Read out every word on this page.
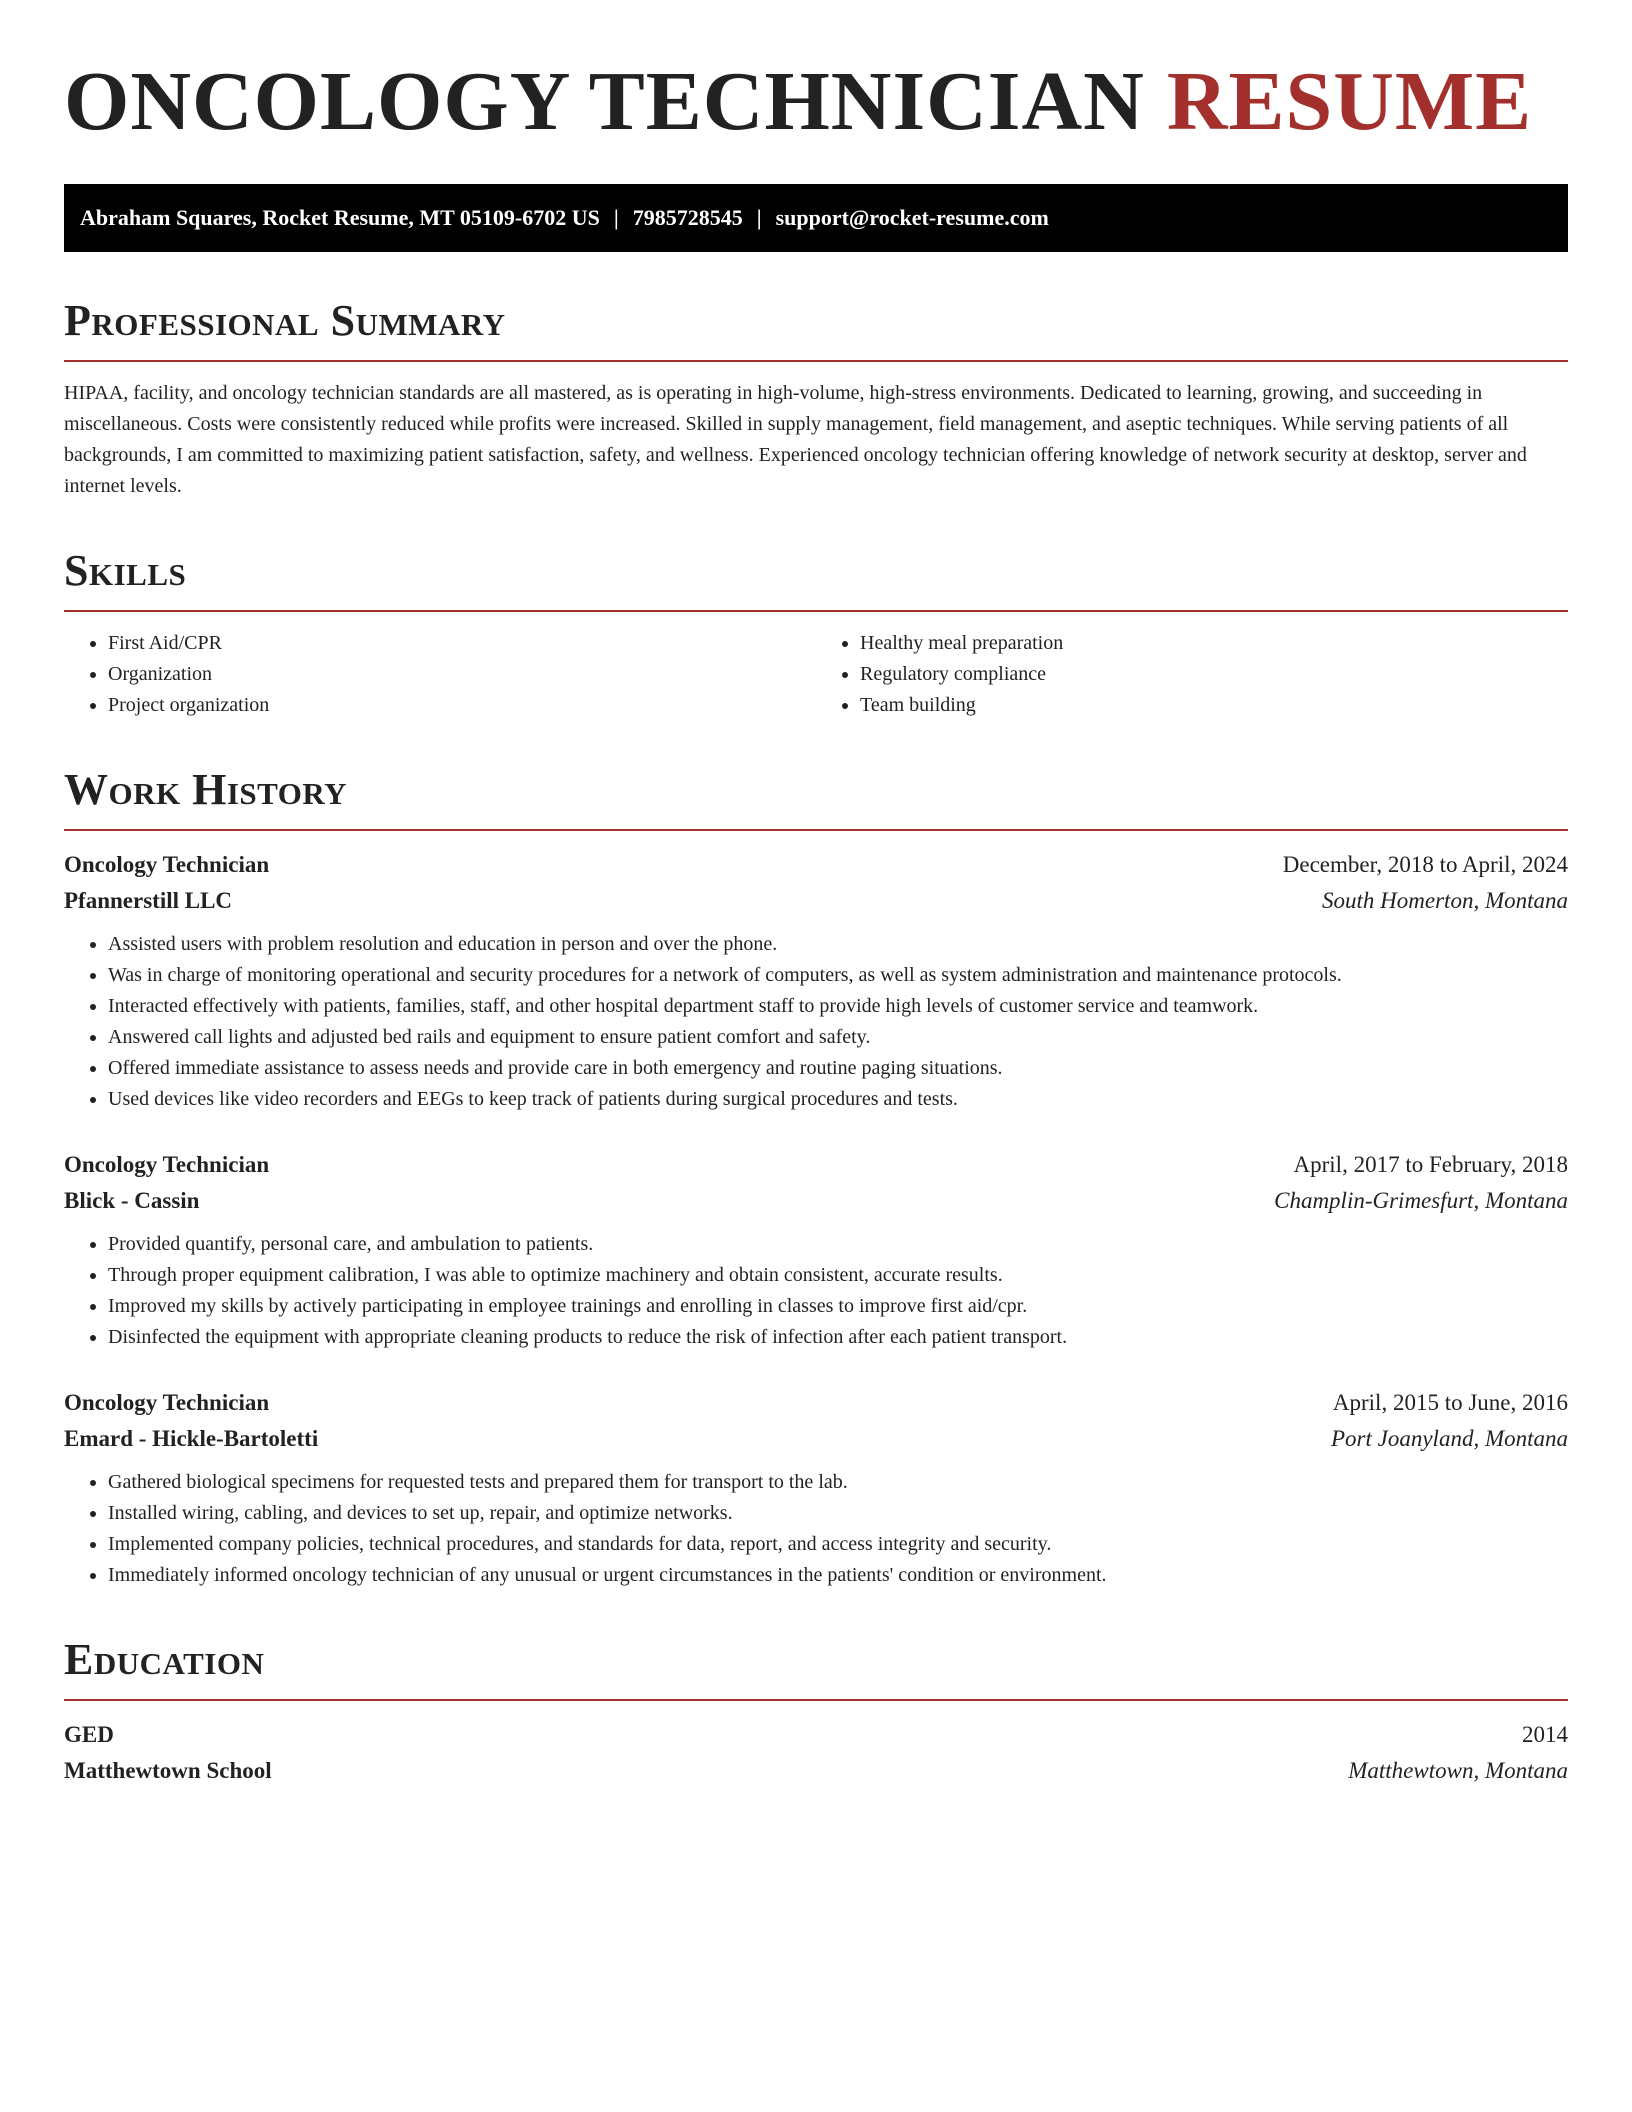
ONCOLOGY TECHNICIAN RESUME
Abraham Squares, Rocket Resume, MT 05109-6702 US | 7985728545 | support@rocket-resume.com
Professional Summary

HIPAA, facility, and oncology technician standards are all mastered, as is operating in high-volume, high-stress environments. Dedicated to learning, growing, and succeeding in miscellaneous. Costs were consistently reduced while profits were increased. Skilled in supply management, field management, and aseptic techniques. While serving patients of all backgrounds, I am committed to maximizing patient satisfaction, safety, and wellness. Experienced oncology technician offering knowledge of network security at desktop, server and internet levels.

Skills
• First Aid/CPR
• Organization
• Project organization
• Healthy meal preparation
• Regulatory compliance
• Team building
Work History
Oncology Technician	December, 2018 to April, 2024
Pfannerstill LLC	South Homerton, Montana
• Assisted users with problem resolution and education in person and over the phone.
• Was in charge of monitoring operational and security procedures for a network of computers, as well as system administration and maintenance protocols.
• Interacted effectively with patients, families, staff, and other hospital department staff to provide high levels of customer service and teamwork.
• Answered call lights and adjusted bed rails and equipment to ensure patient comfort and safety.
• Offered immediate assistance to assess needs and provide care in both emergency and routine paging situations.
• Used devices like video recorders and EEGs to keep track of patients during surgical procedures and tests.
Oncology Technician	April, 2017 to February, 2018
Blick - Cassin	Champlin-Grimesfurt, Montana
• Provided quantify, personal care, and ambulation to patients.
• Through proper equipment calibration, I was able to optimize machinery and obtain consistent, accurate results.
• Improved my skills by actively participating in employee trainings and enrolling in classes to improve first aid/cpr.
• Disinfected the equipment with appropriate cleaning products to reduce the risk of infection after each patient transport.
Oncology Technician	April, 2015 to June, 2016
Emard - Hickle-Bartoletti	Port Joanyland, Montana
• Gathered biological specimens for requested tests and prepared them for transport to the lab.
• Installed wiring, cabling, and devices to set up, repair, and optimize networks.
• Implemented company policies, technical procedures, and standards for data, report, and access integrity and security.
• Immediately informed oncology technician of any unusual or urgent circumstances in the patients' condition or environment.
Education
GED	2014
Matthewtown School	Matthewtown, Montana
